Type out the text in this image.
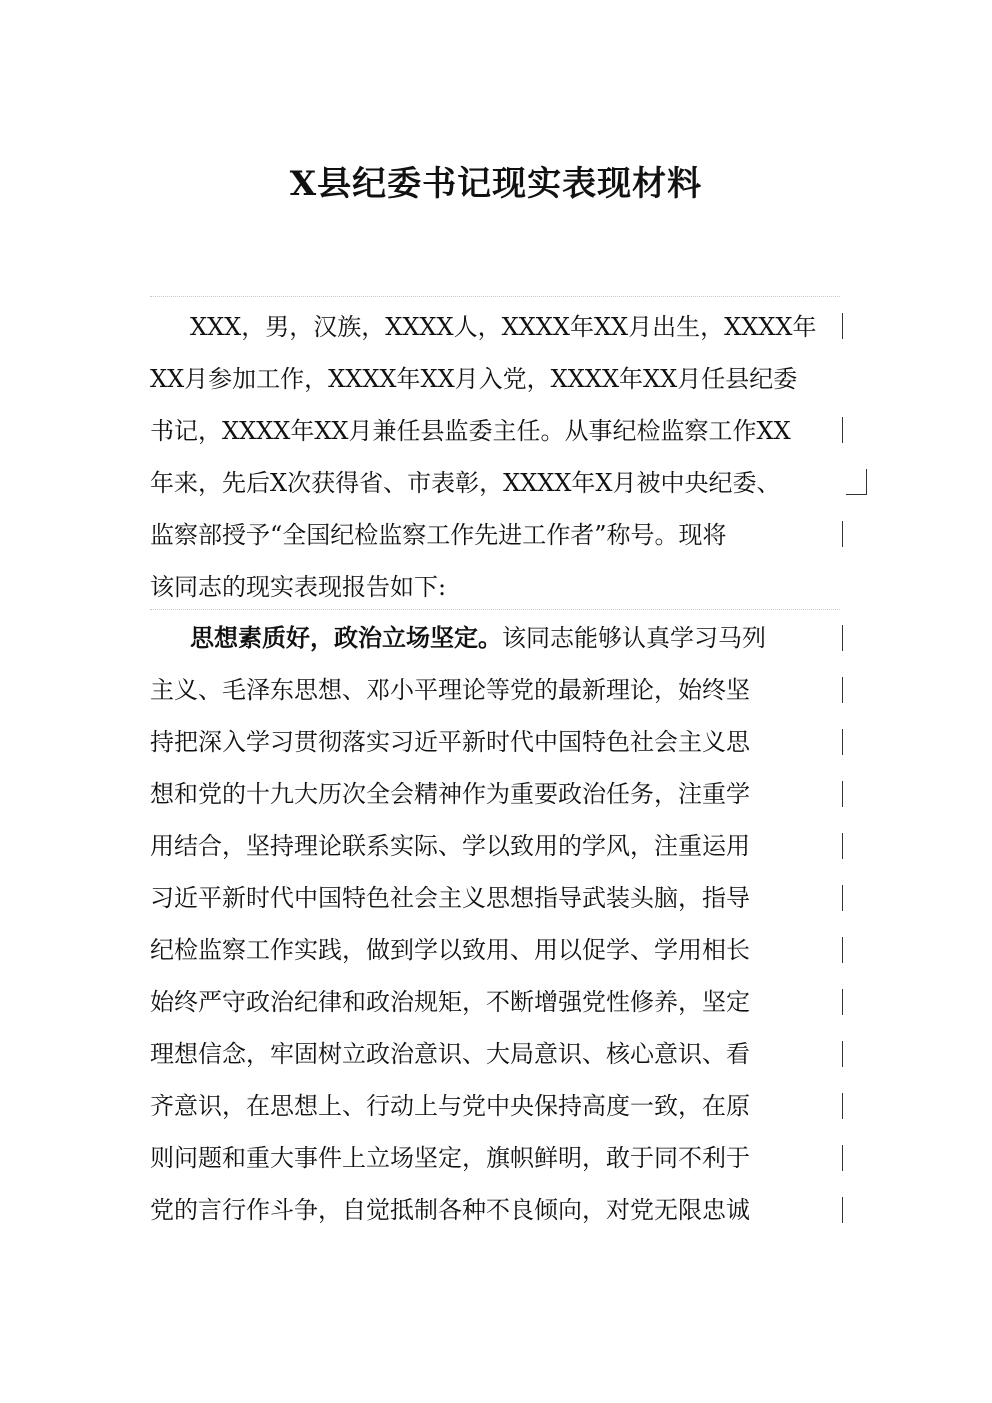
X县纪委书记现实表现材料
XXX，男，汉族，XXXX人，XXXX年XX月出生，XXXX年
XX月参加工作，XXXX年XX月入党，XXXX年XX月任县纪委
书记，XXXX年XX月兼任县监委主任。从事纪检监察工作XX
年来，先后X次获得省、市表彰，XXXX年X月被中央纪委、
监察部授予“全国纪检监察工作先进工作者”称号。现将
该同志的现实表现报告如下:
思想素质好，政治立场坚定。该同志能够认真学习马列
主义、毛泽东思想、邓小平理论等党的最新理论，始终坚
持把深入学习贯彻落实习近平新时代中国特色社会主义思
想和党的十九大历次全会精神作为重要政治任务，注重学
用结合，坚持理论联系实际、学以致用的学风，注重运用
习近平新时代中国特色社会主义思想指导武装头脑，指导
纪检监察工作实践，做到学以致用、用以促学、学用相长
始终严守政治纪律和政治规矩，不断增强党性修养，坚定
理想信念，牢固树立政治意识、大局意识、核心意识、看
齐意识，在思想上、行动上与党中央保持高度一致，在原
则问题和重大事件上立场坚定，旗帜鲜明，敢于同不利于
党的言行作斗争，自觉抵制各种不良倾向，对党无限忠诚
